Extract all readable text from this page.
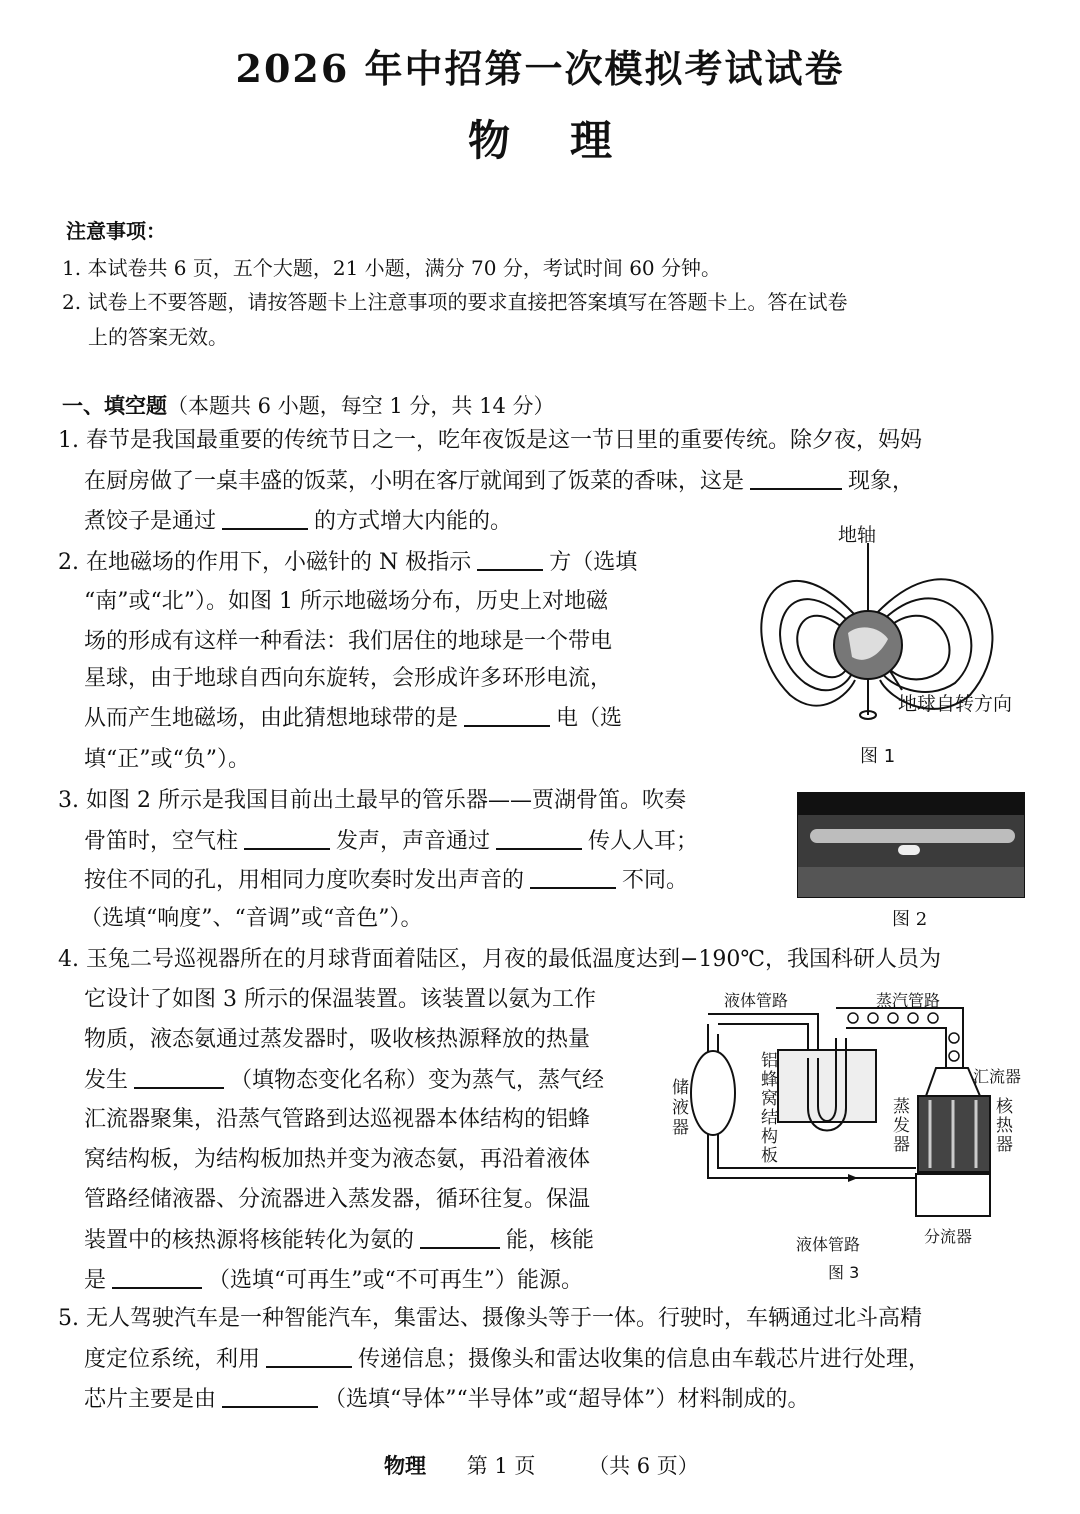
2026 年中招第一次模拟考试试卷
物理
注意事项：
1. 本试卷共 6 页，五个大题，21 小题，满分 70 分，考试时间 60 分钟。
2. 试卷上不要答题，请按答题卡上注意事项的要求直接把答案填写在答题卡上。答在试卷
上的答案无效。
一、填空题（本题共 6 小题，每空 1 分，共 14 分）
1. 春节是我国最重要的传统节日之一，吃年夜饭是这一节日里的重要传统。除夕夜，妈妈
在厨房做了一桌丰盛的饭菜，小明在客厅就闻到了饭菜的香味，这是	现象，
煮饺子是通过	的方式增大内能的。
2. 在地磁场的作用下，小磁针的 N 极指示	方（选填
“南”或“北”）。如图 1 所示地磁场分布，历史上对地磁
场的形成有这样一种看法：我们居住的地球是一个带电
星球，由于地球自西向东旋转，会形成许多环形电流，
从而产生地磁场，由此猜想地球带的是	电（选
填“正”或“负”）。
地轴
地球自转方向
图 1
3. 如图 2 所示是我国目前出土最早的管乐器——贾湖骨笛。吹奏
骨笛时，空气柱	发声，声音通过	传人人耳；
按住不同的孔，用相同力度吹奏时发出声音的	不同。
（选填“响度”、“音调”或“音色”）。	图 2
4. 玉兔二号巡视器所在的月球背面着陆区，月夜的最低温度达到−190℃，我国科研人员为
它设计了如图 3 所示的保温装置。该装置以氨为工作
物质，液态氨通过蒸发器时，吸收核热源释放的热量
发生	（填物态变化名称）变为蒸气，蒸气经
汇流器聚集，沿蒸气管路到达巡视器本体结构的铝蜂
窝结构板，为结构板加热并变为液态氨，再沿着液体
管路经储液器、分流器进入蒸发器，循环往复。保温
装置中的核热源将核能转化为氨的	能，核能
是	（选填“可再生”或“不可再生”）能源。
液体管路	蒸汽管路
汇流器
液体管路	分流器
图 3
储液器
铝蜂窝结构板
蒸发器
核热器
5. 无人驾驶汽车是一种智能汽车，集雷达、摄像头等于一体。行驶时，车辆通过北斗高精
度定位系统，利用	传递信息；摄像头和雷达收集的信息由车载芯片进行处理，
芯片主要是由	（选填“导体”“半导体”或“超导体”）材料制成的。
物理 第 1 页	（共 6 页）
